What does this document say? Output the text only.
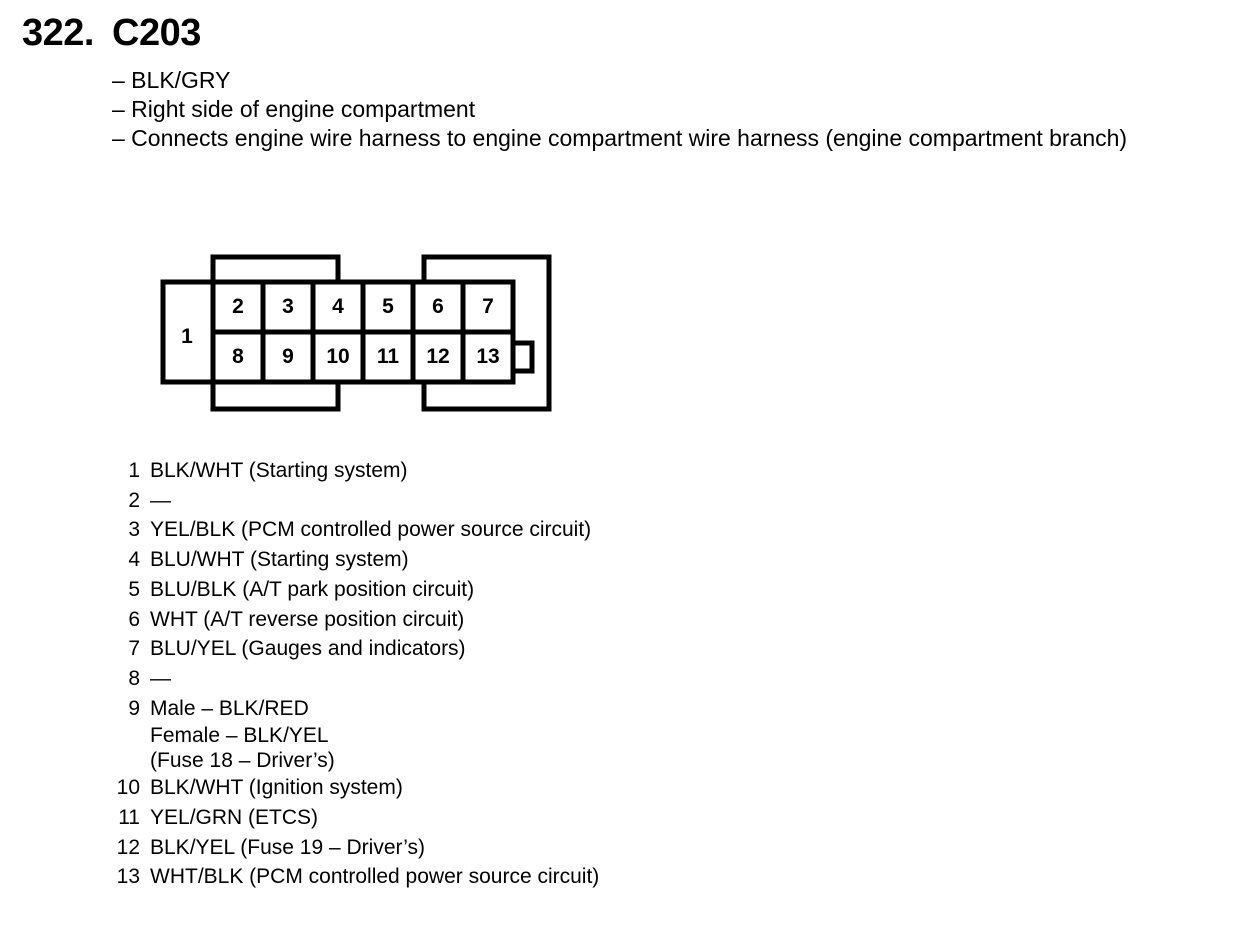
322. C203
– BLK/GRY
– Right side of engine compartment
– Connects engine wire harness to engine compartment wire harness (engine compartment branch)
1
2 3 4 5 6 7
8 9 10 11 12 13
1 BLK/WHT (Starting system)
2 —
3 YEL/BLK (PCM controlled power source circuit)
4 BLU/WHT (Starting system)
5 BLU/BLK (A/T park position circuit)
6 WHT (A/T reverse position circuit)
7 BLU/YEL (Gauges and indicators)
8 —
9 Male – BLK/RED
Female – BLK/YEL
(Fuse 18 – Driver’s)
10 BLK/WHT (Ignition system)
11 YEL/GRN (ETCS)
12 BLK/YEL (Fuse 19 – Driver’s)
13 WHT/BLK (PCM controlled power source circuit)
